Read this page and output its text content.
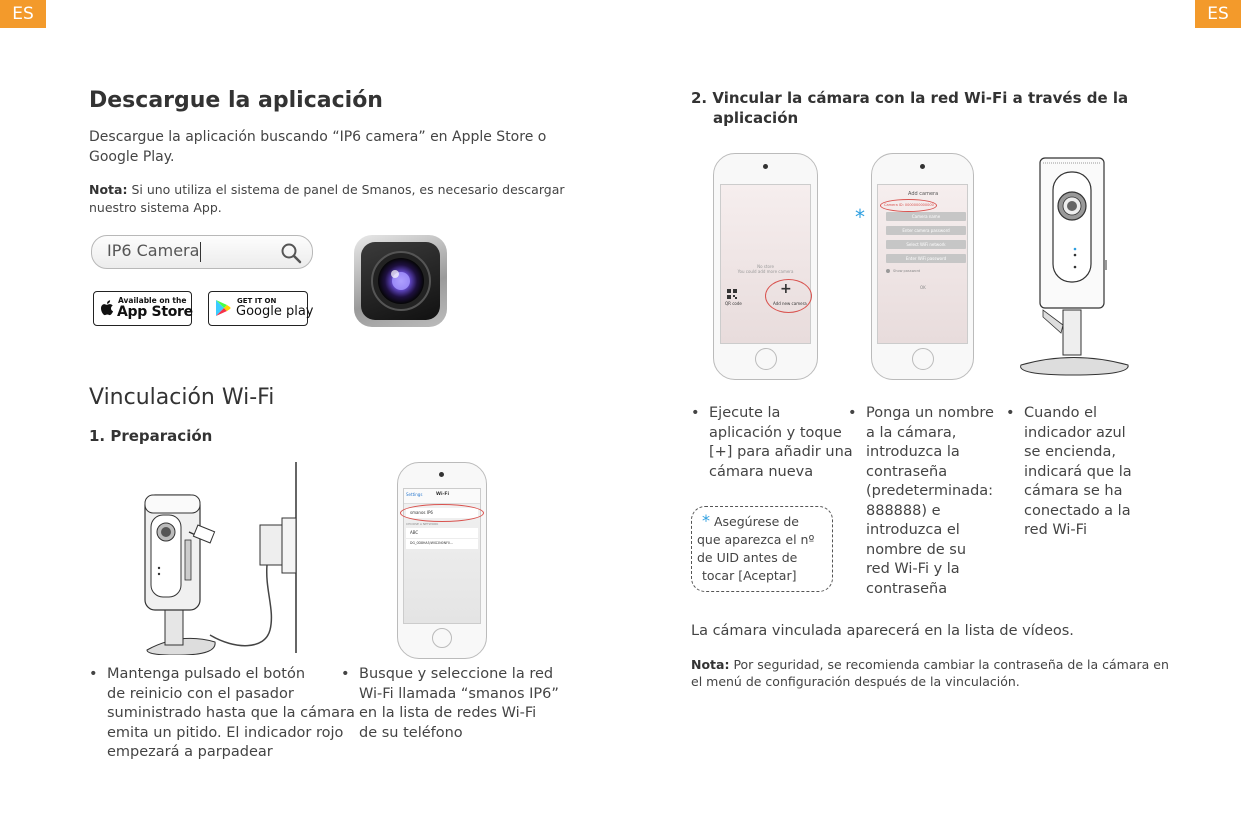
ES	ES
Descargue la aplicación
Descargue la aplicación buscando “IP6 camera” en Apple Store o
Google Play.
Nota: Si uno utiliza el sistema de panel de Smanos, es necesario descargar
nuestro sistema App.
IP6 Camera
Available on the
App Store
GET IT ON
Google play
Vinculación Wi-Fi
1. Preparación
Settings	Wi-Fi
smanos IP6
CHOOSE A NETWORK
ABC
DG_0D8HA5/WIG2N0NF0...
• Mantenga pulsado el botón
de reinicio con el pasador
suministrado hasta que la cámara
emita un pitido. El indicador rojo
empezará a parpadear
• Busque y seleccione la red
Wi-Fi llamada “smanos IP6”
en la lista de redes Wi-Fi
de su teléfono
2. Vincular la cámara con la red Wi-Fi a través de la
aplicación
No store
You could add more camera
QR code
+
Add new camera
Add camera
Camera ID: 0000000000000
Camera name
Enter camera password
Select WiFi network
Enter WiFi password
Show password
OK
*
• Ejecute la
aplicación y toque
[+] para añadir una
cámara nueva
• Ponga un nombre
a la cámara,
introduzca la
contraseña
(predeterminada:
888888) e
introduzca el
nombre de su
red Wi-Fi y la
contraseña
• Cuando el
indicador azul
se encienda,
indicará que la
cámara se ha
conectado a la
red Wi-Fi
* Asegúrese de
que aparezca el nº
de UID antes de
tocar [Aceptar]
La cámara vinculada aparecerá en la lista de vídeos.
Nota: Por seguridad, se recomienda cambiar la contraseña de la cámara en
el menú de configuración después de la vinculación.
